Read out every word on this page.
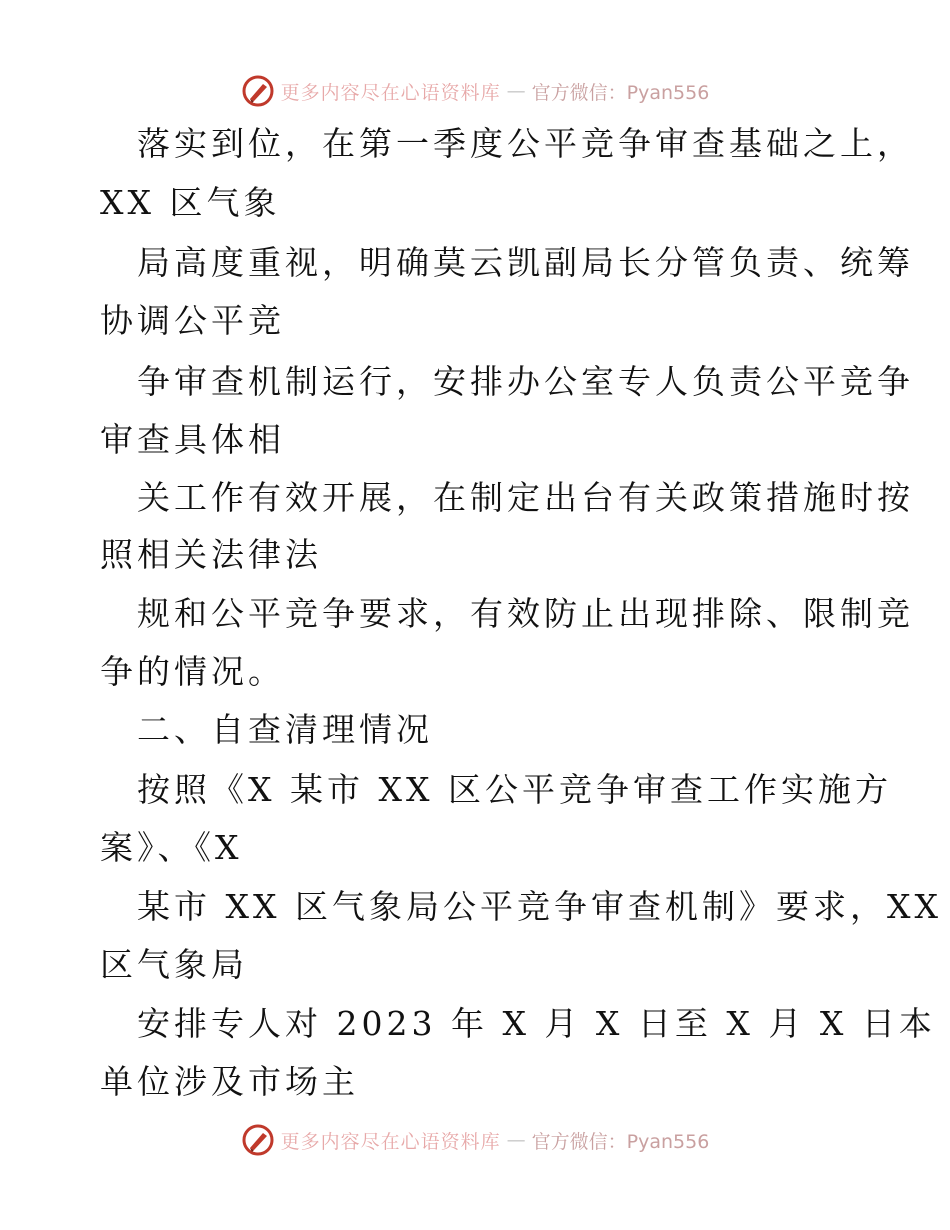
更多内容尽在心语资料库 — 官方微信：Pyan556
落实到位，在第一季度公平竞争审查基础之上，
XX 区气象
局高度重视，明确莫云凯副局长分管负责、统筹
协调公平竞
争审查机制运行，安排办公室专人负责公平竞争
审查具体相
关工作有效开展，在制定出台有关政策措施时按
照相关法律法
规和公平竞争要求，有效防止出现排除、限制竞
争的情况。
二、自查清理情况
按照《X 某市 XX 区公平竞争审查工作实施方
案》、《X
某市 XX 区气象局公平竞争审查机制》要求，XX
区气象局
安排专人对 2023 年 X 月 X 日至 X 月 X 日本
单位涉及市场主
更多内容尽在心语资料库 — 官方微信：Pyan556
